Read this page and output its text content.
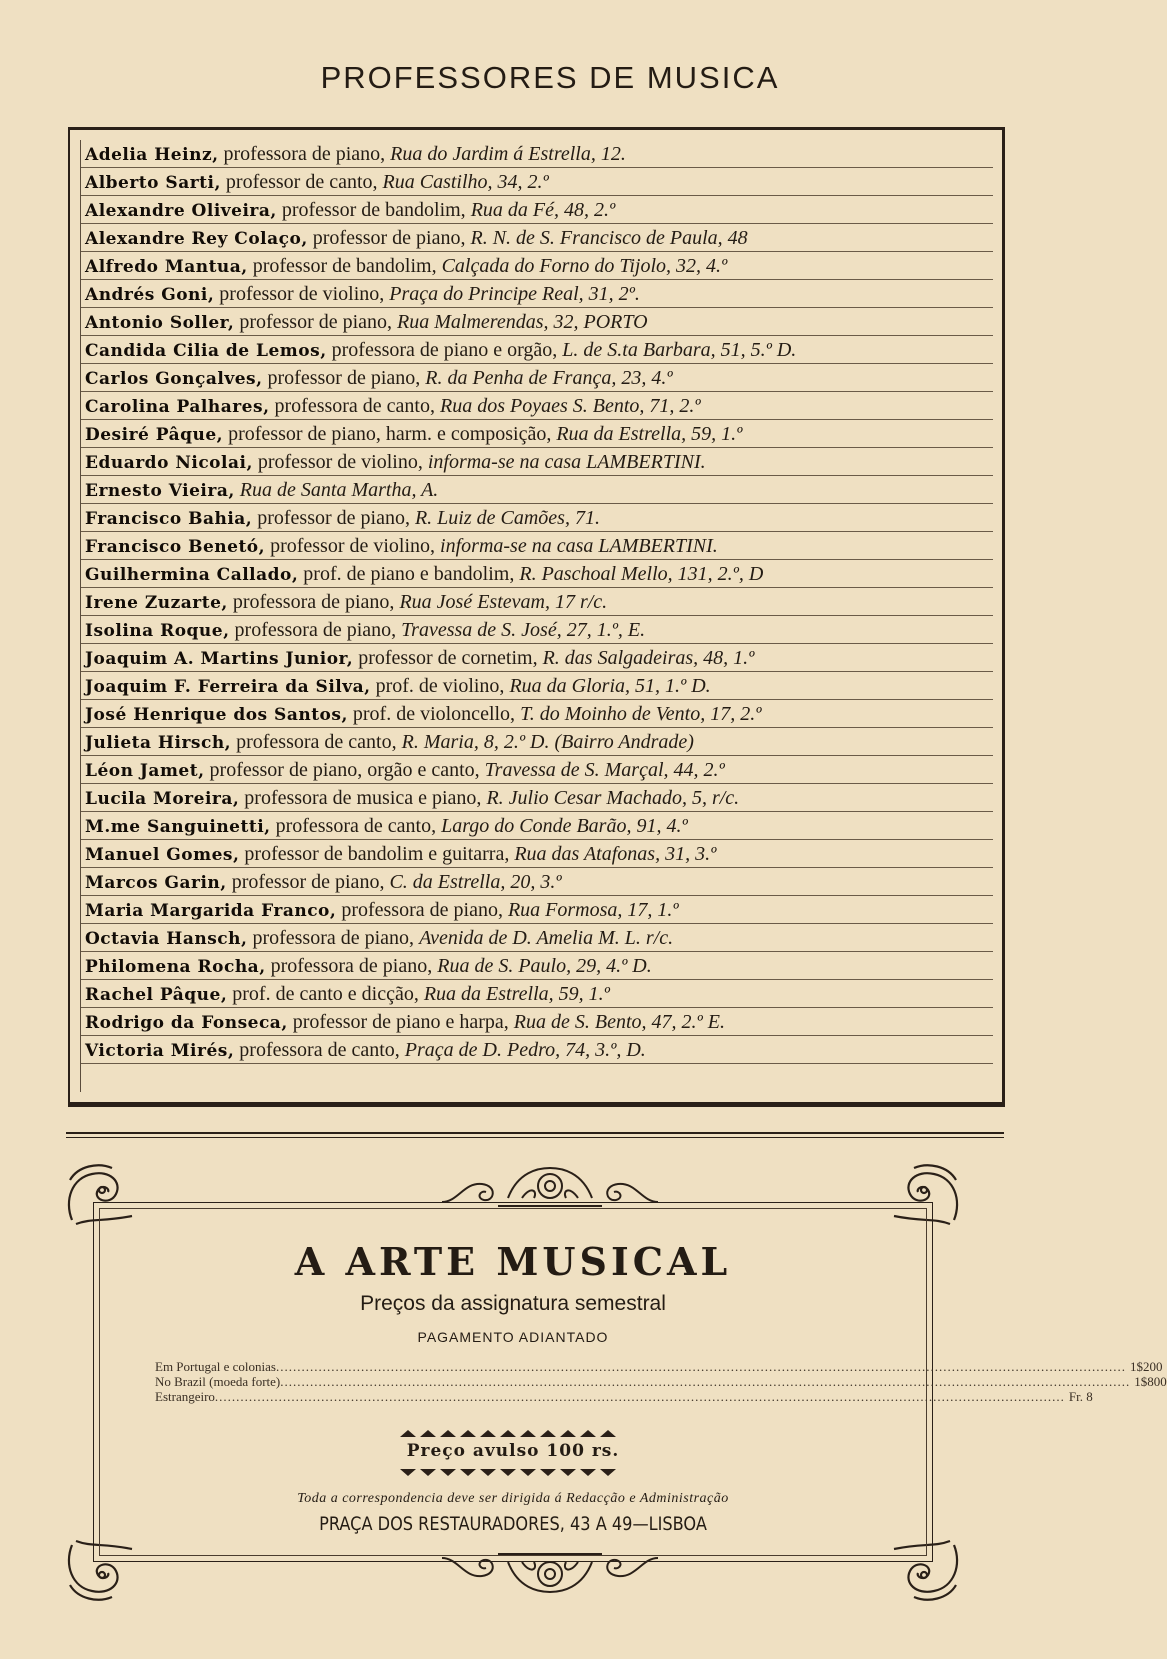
PROFESSORES DE MUSICA
Adelia Heinz, professora de piano, Rua do Jardim á Estrella, 12.
Alberto Sarti, professor de canto, Rua Castilho, 34, 2.º
Alexandre Oliveira, professor de bandolim, Rua da Fé, 48, 2.º
Alexandre Rey Colaço, professor de piano, R. N. de S. Francisco de Paula, 48
Alfredo Mantua, professor de bandolim, Calçada do Forno do Tijolo, 32, 4.º
Andrés Goni, professor de violino, Praça do Principe Real, 31, 2º.
Antonio Soller, professor de piano, Rua Malmerendas, 32, PORTO
Candida Cilia de Lemos, professora de piano e orgão, L. de S.ta Barbara, 51, 5.º D.
Carlos Gonçalves, professor de piano, R. da Penha de França, 23, 4.º
Carolina Palhares, professora de canto, Rua dos Poyaes S. Bento, 71, 2.º
Desiré Pâque, professor de piano, harm. e composição, Rua da Estrella, 59, 1.º
Eduardo Nicolai, professor de violino, informa-se na casa LAMBERTINI.
Ernesto Vieira, Rua de Santa Martha, A.
Francisco Bahia, professor de piano, R. Luiz de Camões, 71.
Francisco Benetó, professor de violino, informa-se na casa LAMBERTINI.
Guilhermina Callado, prof. de piano e bandolim, R. Paschoal Mello, 131, 2.º, D
Irene Zuzarte, professora de piano, Rua José Estevam, 17 r/c.
Isolina Roque, professora de piano, Travessa de S. José, 27, 1.º, E.
Joaquim A. Martins Junior, professor de cornetim, R. das Salgadeiras, 48, 1.º
Joaquim F. Ferreira da Silva, prof. de violino, Rua da Gloria, 51, 1.º D.
José Henrique dos Santos, prof. de violoncello, T. do Moinho de Vento, 17, 2.º
Julieta Hirsch, professora de canto, R. Maria, 8, 2.º D. (Bairro Andrade)
Léon Jamet, professor de piano, orgão e canto, Travessa de S. Marçal, 44, 2.º
Lucila Moreira, professora de musica e piano, R. Julio Cesar Machado, 5, r/c.
M.me Sanguinetti, professora de canto, Largo do Conde Barão, 91, 4.º
Manuel Gomes, professor de bandolim e guitarra, Rua das Atafonas, 31, 3.º
Marcos Garin, professor de piano, C. da Estrella, 20, 3.º
Maria Margarida Franco, professora de piano, Rua Formosa, 17, 1.º
Octavia Hansch, professora de piano, Avenida de D. Amelia M. L. r/c.
Philomena Rocha, professora de piano, Rua de S. Paulo, 29, 4.º D.
Rachel Pâque, prof. de canto e dicção, Rua da Estrella, 59, 1.º
Rodrigo da Fonseca, professor de piano e harpa, Rua de S. Bento, 47, 2.º E.
Victoria Mirés, professora de canto, Praça de D. Pedro, 74, 3.º, D.
A ARTE MUSICAL
Preços da assignatura semestral
PAGAMENTO ADIANTADO
Em Portugal e colonias ........................................................................................................................................................................................................ 1$200
No Brazil (moeda forte) ........................................................................................................................................................................................................ 1$800
Estrangeiro ........................................................................................................................................................................................................ Fr. 8
Preço avulso 100 rs.
Toda a correspondencia deve ser dirigida á Redacção e Administração
PRAÇA DOS RESTAURADORES, 43 A 49—LISBOA
